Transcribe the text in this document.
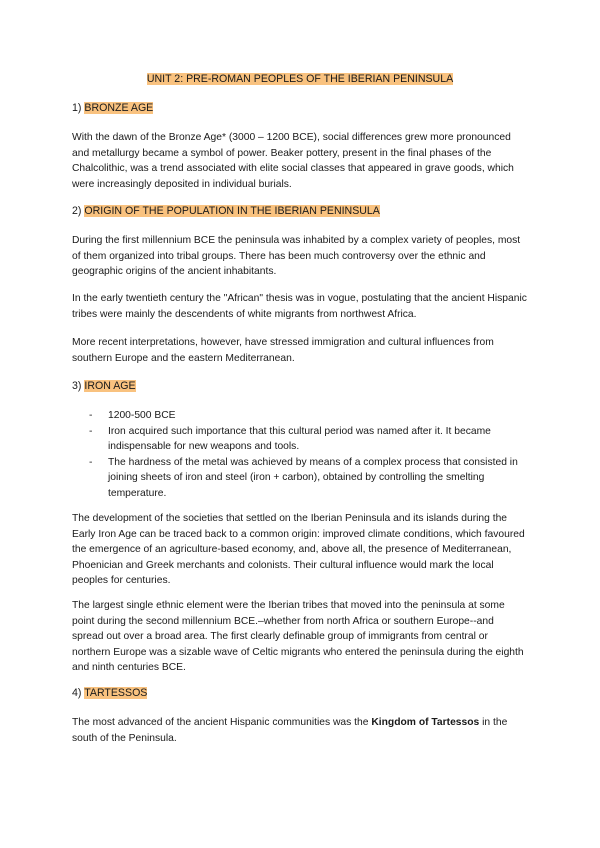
UNIT 2: PRE-ROMAN PEOPLES OF THE IBERIAN PENINSULA
1) BRONZE AGE

With the dawn of the Bronze Age* (3000 – 1200 BCE), social differences grew more pronounced and metallurgy became a symbol of power. Beaker pottery, present in the final phases of the Chalcolithic, was a trend associated with elite social classes that appeared in grave goods, which were increasingly deposited in individual burials.

2) ORIGIN OF THE POPULATION IN THE IBERIAN PENINSULA

During the first millennium BCE the peninsula was inhabited by a complex variety of peoples, most of them organized into tribal groups. There has been much controversy over the ethnic and geographic origins of the ancient inhabitants.

In the early twentieth century the "African" thesis was in vogue, postulating that the ancient Hispanic tribes were mainly the descendents of white migrants from northwest Africa.

More recent interpretations, however, have stressed immigration and cultural influences from southern Europe and the eastern Mediterranean.

3) IRON AGE
- 1200-500 BCE
- Iron acquired such importance that this cultural period was named after it. It became indispensable for new weapons and tools.
- The hardness of the metal was achieved by means of a complex process that consisted in joining sheets of iron and steel (iron + carbon), obtained by controlling the smelting temperature.

The development of the societies that settled on the Iberian Peninsula and its islands during the Early Iron Age can be traced back to a common origin: improved climate conditions, which favoured the emergence of an agriculture-based economy, and, above all, the presence of Mediterranean, Phoenician and Greek merchants and colonists. Their cultural influence would mark the local peoples for centuries.

The largest single ethnic element were the Iberian tribes that moved into the peninsula at some point during the second millennium BCE.–whether from north Africa or southern Europe--and spread out over a broad area. The first clearly definable group of immigrants from central or northern Europe was a sizable wave of Celtic migrants who entered the peninsula during the eighth and ninth centuries BCE.

4) TARTESSOS

The most advanced of the ancient Hispanic communities was the Kingdom of Tartessos in the south of the Peninsula.
